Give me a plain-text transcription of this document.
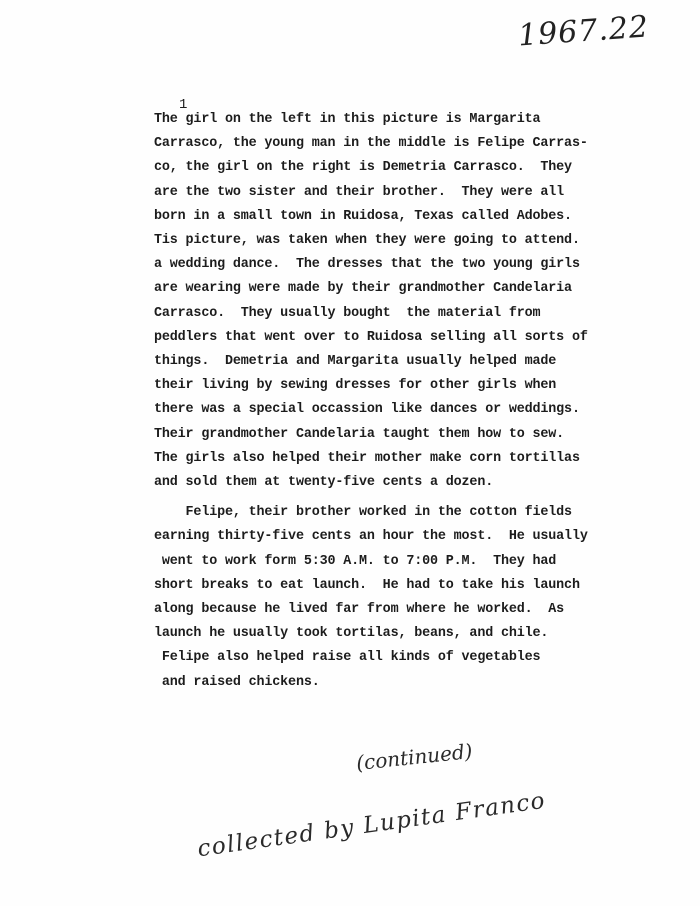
1967.22
1
The girl on the left in this picture is Margarita
Carrasco, the young man in the middle is Felipe Carras-
co, the girl on the right is Demetria Carrasco.  They
are the two sister and their brother.  They were all
born in a small town in Ruidosa, Texas called Adobes.
Tis picture, was taken when they were going to attend.
a wedding dance.  The dresses that the two young girls
are wearing were made by their grandmother Candelaria
Carrasco.  They usually bought  the material from
peddlers that went over to Ruidosa selling all sorts of
things.  Demetria and Margarita usually helped made
their living by sewing dresses for other girls when
there was a special occassion like dances or weddings.
Their grandmother Candelaria taught them how to sew.
The girls also helped their mother make corn tortillas
and sold them at twenty-five cents a dozen.
Felipe, their brother worked in the cotton fields
earning thirty-five cents an hour the most.  He usually
went to work form 5:30 A.M. to 7:00 P.M.  They had
short breaks to eat launch.  He had to take his launch
along because he lived far from where he worked.  As
launch he usually took tortilas, beans, and chile.
Felipe also helped raise all kinds of vegetables
and raised chickens.
(continued)
collected by Lupita Franco
